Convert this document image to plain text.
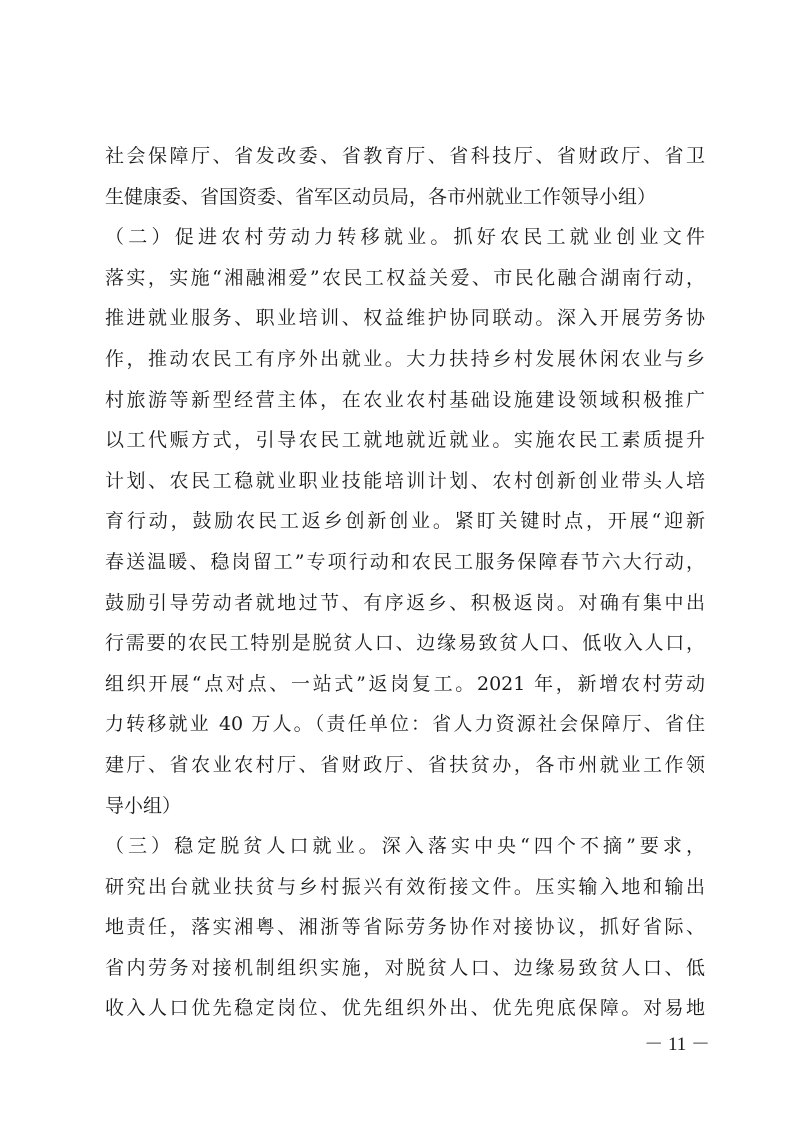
社会保障厅、省发改委、省教育厅、省科技厅、省财政厅、省卫
生健康委、省国资委、省军区动员局，各市州就业工作领导小组）
（二）促进农村劳动力转移就业。抓好农民工就业创业文件
落实，实施“湘融湘爱”农民工权益关爱、市民化融合湖南行动，
推进就业服务、职业培训、权益维护协同联动。深入开展劳务协
作，推动农民工有序外出就业。大力扶持乡村发展休闲农业与乡
村旅游等新型经营主体，在农业农村基础设施建设领域积极推广
以工代赈方式，引导农民工就地就近就业。实施农民工素质提升
计划、农民工稳就业职业技能培训计划、农村创新创业带头人培
育行动，鼓励农民工返乡创新创业。紧盯关键时点，开展“迎新
春送温暖、稳岗留工”专项行动和农民工服务保障春节六大行动，
鼓励引导劳动者就地过节、有序返乡、积极返岗。对确有集中出
行需要的农民工特别是脱贫人口、边缘易致贫人口、低收入人口，
组织开展“点对点、一站式”返岗复工。2021 年，新增农村劳动
力转移就业 40 万人。（责任单位：省人力资源社会保障厅、省住
建厅、省农业农村厅、省财政厅、省扶贫办，各市州就业工作领
导小组）
（三）稳定脱贫人口就业。深入落实中央“四个不摘”要求，
研究出台就业扶贫与乡村振兴有效衔接文件。压实输入地和输出
地责任，落实湘粤、湘浙等省际劳务协作对接协议，抓好省际、
省内劳务对接机制组织实施，对脱贫人口、边缘易致贫人口、低
收入人口优先稳定岗位、优先组织外出、优先兜底保障。对易地
－ 11 －
